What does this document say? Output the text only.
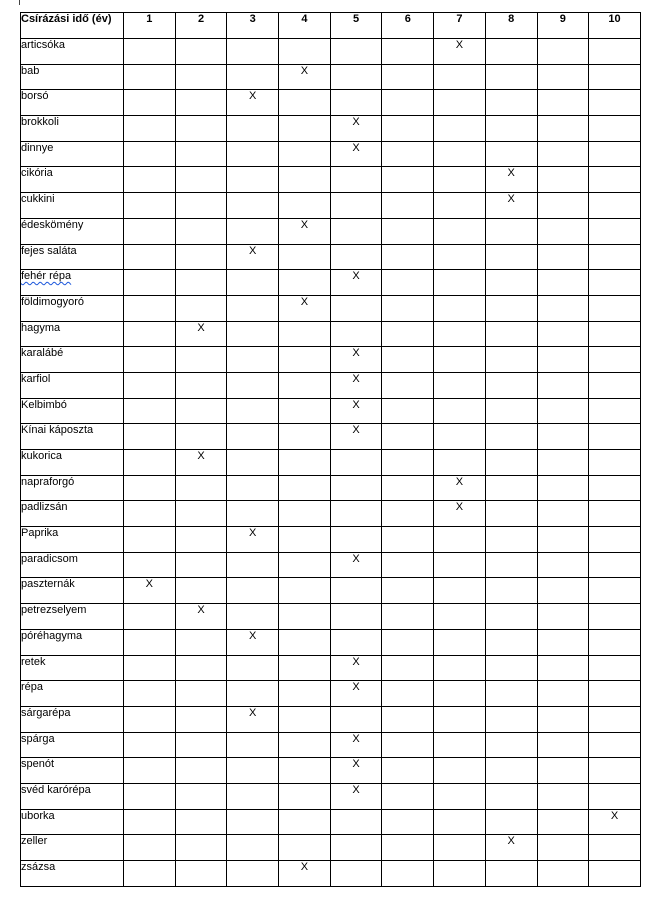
Csírázási idő (év)	1	2	3	4	5	6	7	8	9	10
articsóka							X			
bab				X						
borsó			X							
brokkoli					X					
dinnye					X					
cikória								X		
cukkini								X		
édeskömény				X						
fejes saláta			X							
fehér répa					X					
földimogyoró				X						
hagyma		X								
karalábé					X					
karfiol					X					
Kelbimbó					X					
Kínai káposzta					X					
kukorica		X								
napraforgó							X			
padlizsán							X			
Paprika			X							
paradicsom					X					
paszternák	X									
petrezselyem		X								
póréhagyma			X							
retek					X					
répa					X					
sárgarépa			X							
spárga					X					
spenót					X					
svéd karórépa					X					
uborka										X
zeller								X		
zsázsa				X						
